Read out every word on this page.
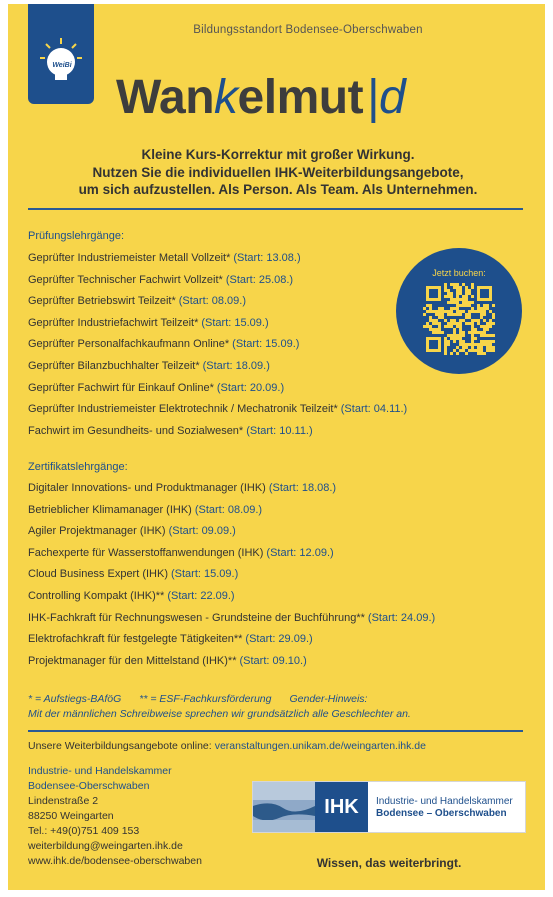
WeiBi
Bildungsstandort Bodensee-Oberschwaben
Wankelmut|d
Kleine Kurs-Korrektur mit großer Wirkung.
Nutzen Sie die individuellen IHK-Weiterbildungsangebote,
um sich aufzustellen. Als Person. Als Team. Als Unternehmen.
Prüfungslehrgänge:
Geprüfter Industriemeister Metall Vollzeit* (Start: 13.08.)
Geprüfter Technischer Fachwirt Vollzeit* (Start: 25.08.)
Geprüfter Betriebswirt Teilzeit* (Start: 08.09.)
Geprüfter Industriefachwirt Teilzeit* (Start: 15.09.)
Geprüfter Personalfachkaufmann Online* (Start: 15.09.)
Geprüfter Bilanzbuchhalter Teilzeit* (Start: 18.09.)
Geprüfter Fachwirt für Einkauf Online* (Start: 20.09.)
Geprüfter Industriemeister Elektrotechnik / Mechatronik Teilzeit* (Start: 04.11.)
Fachwirt im Gesundheits- und Sozialwesen* (Start: 10.11.)
Jetzt buchen:
Zertifikatslehrgänge:
Digitaler Innovations- und Produktmanager (IHK) (Start: 18.08.)
Betrieblicher Klimamanager (IHK) (Start: 08.09.)
Agiler Projektmanager (IHK) (Start: 09.09.)
Fachexperte für Wasserstoffanwendungen (IHK) (Start: 12.09.)
Cloud Business Expert (IHK) (Start: 15.09.)
Controlling Kompakt (IHK)** (Start: 22.09.)
IHK-Fachkraft für Rechnungswesen - Grundsteine der Buchführung** (Start: 24.09.)
Elektrofachkraft für festgelegte Tätigkeiten** (Start: 29.09.)
Projektmanager für den Mittelstand (IHK)** (Start: 09.10.)
* = Aufstiegs-BAföG ** = ESF-Fachkursförderung Gender-Hinweis:
Mit der männlichen Schreibweise sprechen wir grundsätzlich alle Geschlechter an.
Unsere Weiterbildungsangebote online: veranstaltungen.unikam.de/weingarten.ihk.de
Industrie- und Handelskammer
Bodensee-Oberschwaben
Lindenstraße 2
88250 Weingarten
Tel.: +49(0)751 409 153
weiterbildung@weingarten.ihk.de
www.ihk.de/bodensee-oberschwaben
IHK	Industrie- und Handelskammer
Bodensee – Oberschwaben
Wissen, das weiterbringt.
